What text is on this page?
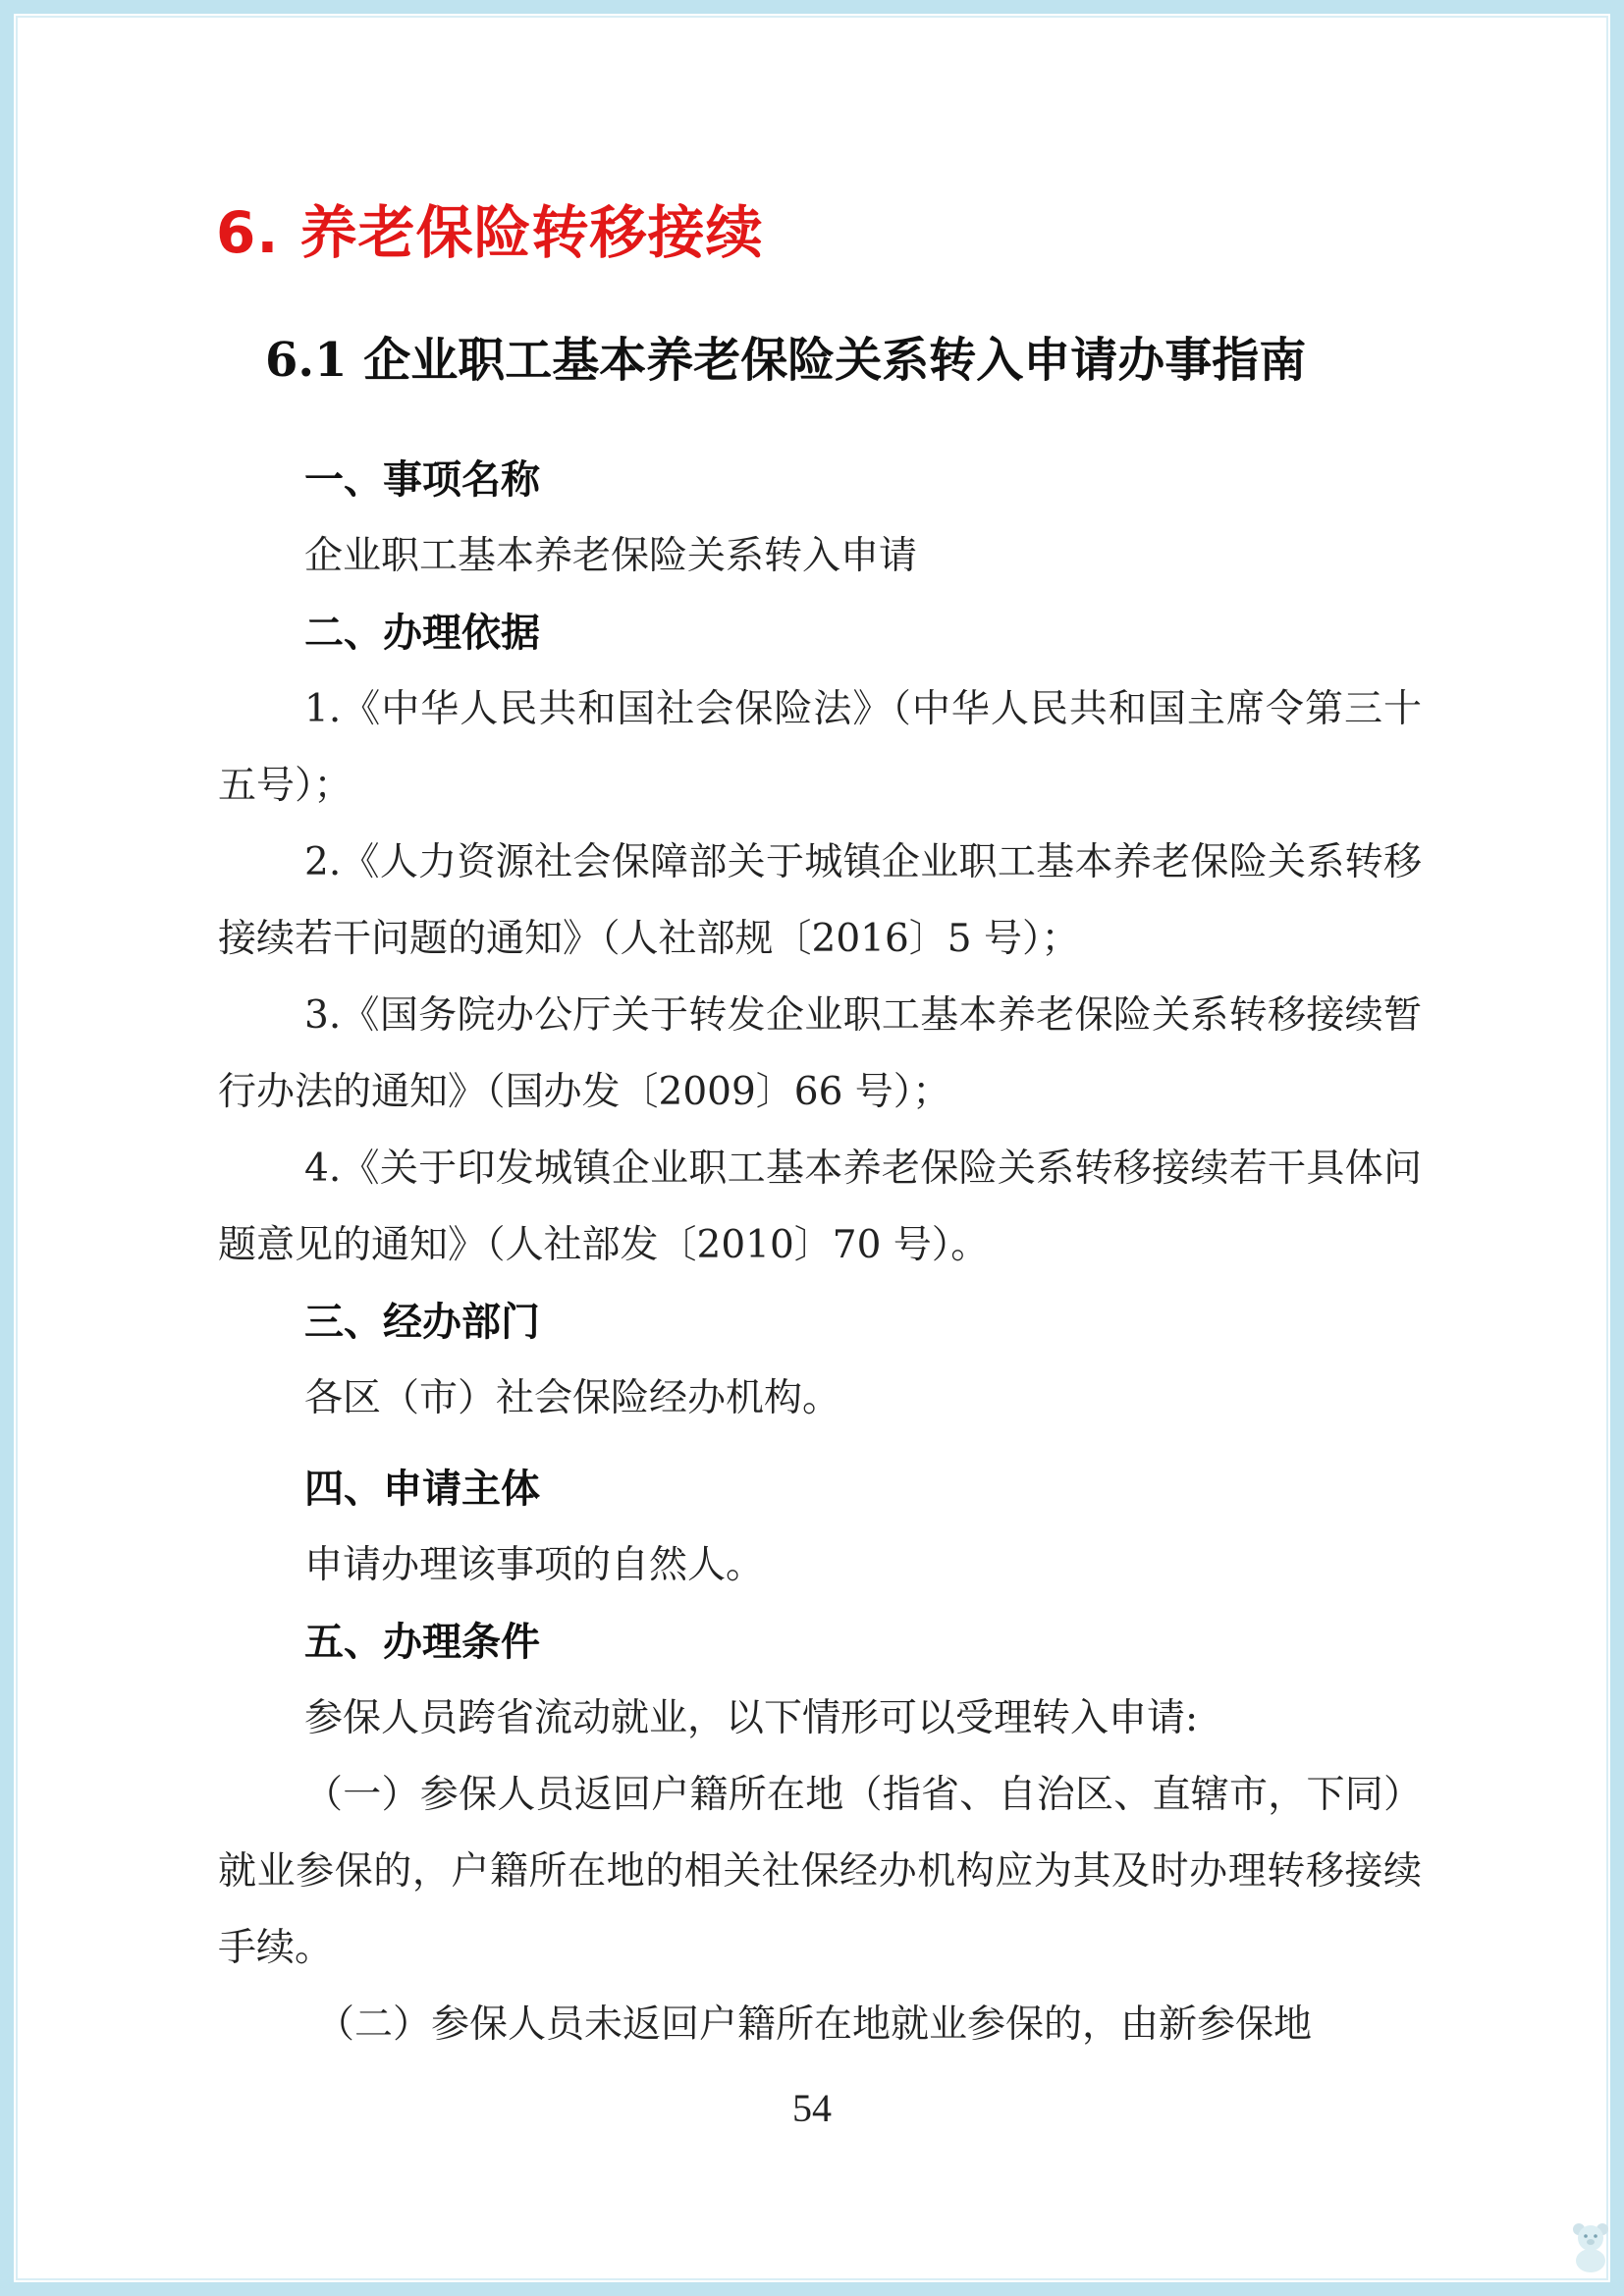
6. 养老保险转移接续
6.1 企业职工基本养老保险关系转入申请办事指南

一、事项名称

企业职工基本养老保险关系转入申请

二、办理依据

1.《中华人民共和国社会保险法》（中华人民共和国主席令第三十五号）；

2.《人力资源社会保障部关于城镇企业职工基本养老保险关系转移接续若干问题的通知》（人社部规〔2016〕5 号）；

3.《国务院办公厅关于转发企业职工基本养老保险关系转移接续暂行办法的通知》（国办发〔2009〕66 号）；

4.《关于印发城镇企业职工基本养老保险关系转移接续若干具体问题意见的通知》（人社部发〔2010〕70 号）。

三、经办部门

各区（市）社会保险经办机构。

四、申请主体

申请办理该事项的自然人。

五、办理条件

参保人员跨省流动就业，以下情形可以受理转入申请:

（一）参保人员返回户籍所在地（指省、自治区、直辖市，下同）就业参保的，户籍所在地的相关社保经办机构应为其及时办理转移接续手续。

（二）参保人员未返回户籍所在地就业参保的，由新参保地

54
